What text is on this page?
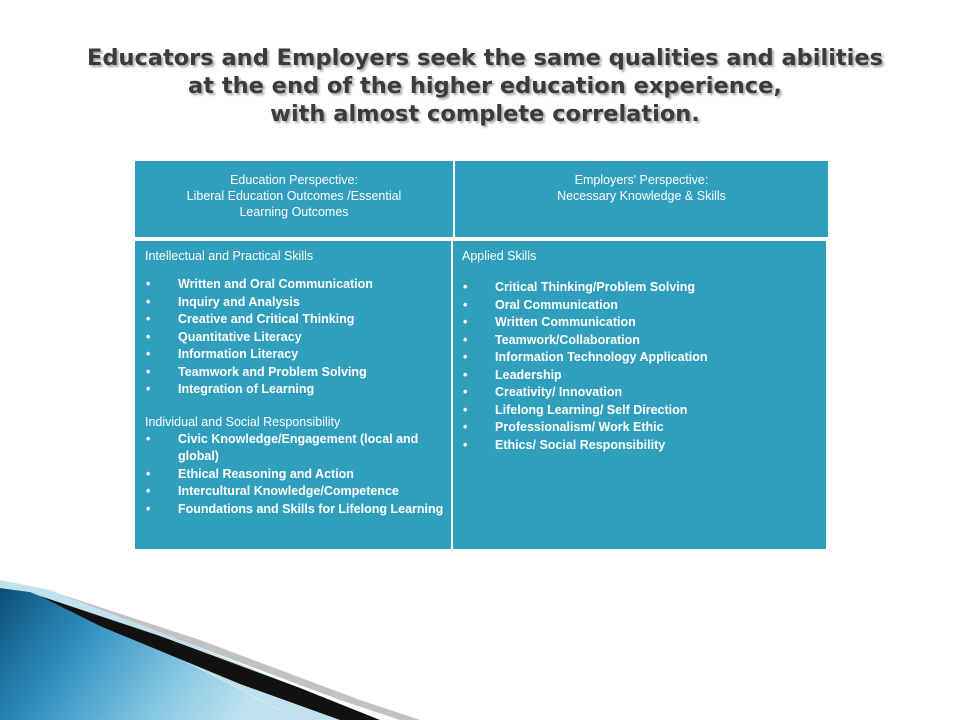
Educators and Employers seek the same qualities and abilities
at the end of the higher education experience,
with almost complete correlation.
Education Perspective:
Liberal Education Outcomes /Essential
Learning Outcomes
Employers' Perspective:
Necessary Knowledge & Skills
Intellectual and Practical Skills
• Written and Oral Communication
• Inquiry and Analysis
• Creative and Critical Thinking
• Quantitative Literacy
• Information Literacy
• Teamwork and Problem Solving
• Integration of Learning
Individual and Social Responsibility
• Civic Knowledge/Engagement (local and global)
• Ethical Reasoning and Action
• Intercultural Knowledge/Competence
• Foundations and Skills for Lifelong Learning
Applied Skills
• Critical Thinking/Problem Solving
• Oral Communication
• Written Communication
• Teamwork/Collaboration
• Information Technology Application
• Leadership
• Creativity/ Innovation
• Lifelong Learning/ Self Direction
• Professionalism/ Work Ethic
• Ethics/ Social Responsibility
